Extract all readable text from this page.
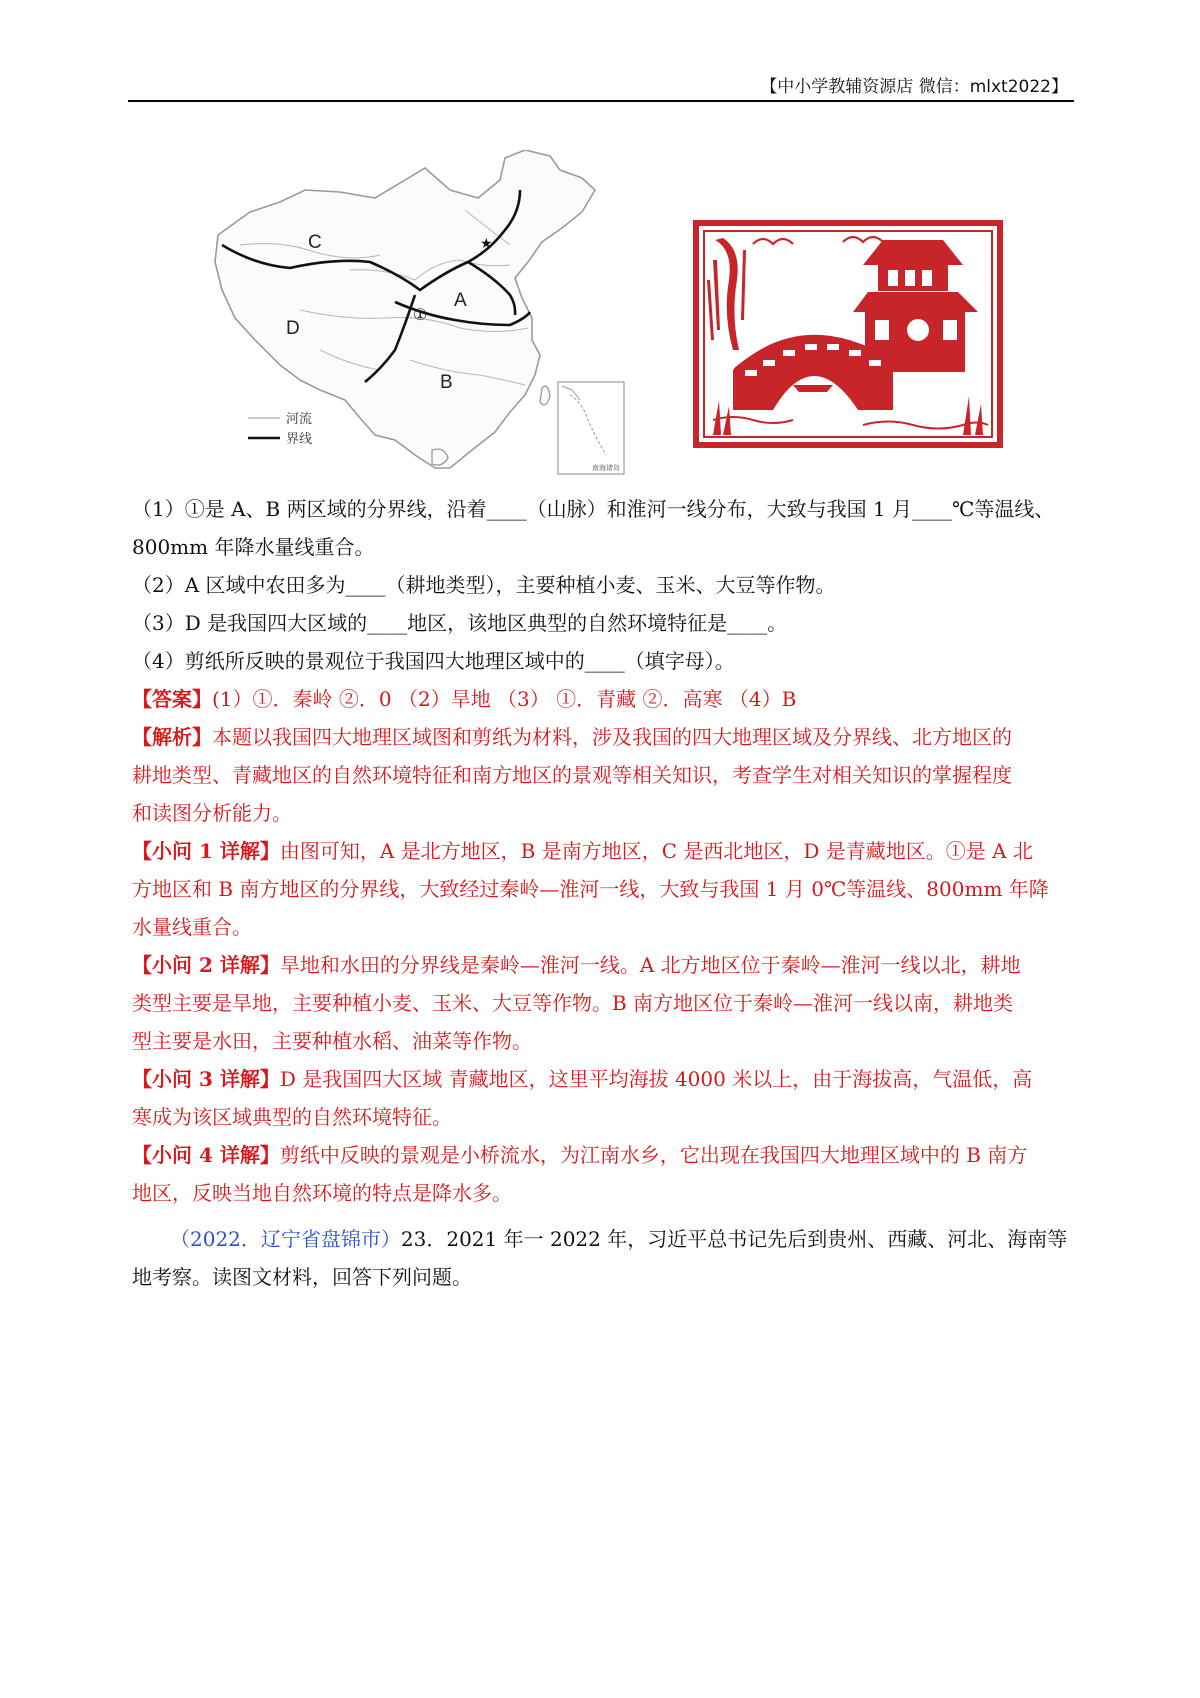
【中小学教辅资源店 微信：mlxt2022】
★
C
A
D
B
①
河流
界线
南海诸岛

（1）①是 A、B 两区域的分界线，沿着____（山脉）和淮河一线分布，大致与我国 1 月____℃等温线、

800mm 年降水量线重合。

（2）A 区域中农田多为____（耕地类型），主要种植小麦、玉米、大豆等作物。

（3）D 是我国四大区域的____地区，该地区典型的自然环境特征是____。

（4）剪纸所反映的景观位于我国四大地理区域中的____（填字母）。

【答案】(1）①．秦岭 ②．0 （2）旱地 （3） ①．青藏 ②．高寒 （4）B

【解析】本题以我国四大地理区域图和剪纸为材料，涉及我国的四大地理区域及分界线、北方地区的

耕地类型、青藏地区的自然环境特征和南方地区的景观等相关知识，考查学生对相关知识的掌握程度

和读图分析能力。

【小问 1 详解】由图可知，A 是北方地区，B 是南方地区，C 是西北地区，D 是青藏地区。①是 A 北

方地区和 B 南方地区的分界线，大致经过秦岭—淮河一线，大致与我国 1 月 0℃等温线、800mm 年降

水量线重合。

【小问 2 详解】旱地和水田的分界线是秦岭—淮河一线。A 北方地区位于秦岭—淮河一线以北，耕地

类型主要是旱地，主要种植小麦、玉米、大豆等作物。B 南方地区位于秦岭—淮河一线以南，耕地类

型主要是水田，主要种植水稻、油菜等作物。

【小问 3 详解】D 是我国四大区域 青藏地区，这里平均海拔 4000 米以上，由于海拔高，气温低，高

寒成为该区域典型的自然环境特征。

【小问 4 详解】剪纸中反映的景观是小桥流水，为江南水乡，它出现在我国四大地理区域中的 B 南方

地区，反映当地自然环境的特点是降水多。

（2022．辽宁省盘锦市）23．2021 年一 2022 年，习近平总书记先后到贵州、西藏、河北、海南等

地考察。读图文材料，回答下列问题。
